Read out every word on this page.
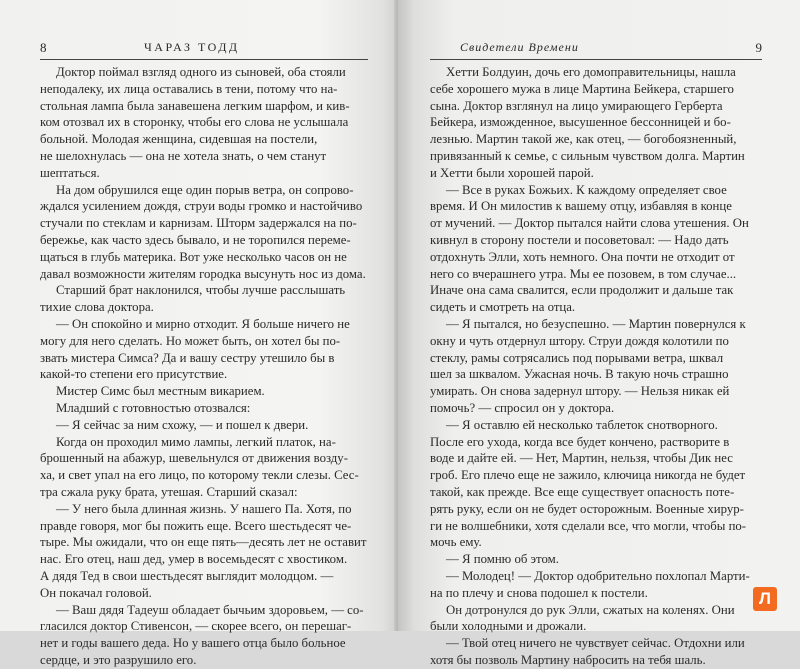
8	ЧАРАЗ ТОДД
Доктор поймал взгляд одного из сыновей, оба стояли
неподалеку, их лица оставались в тени, потому что на-
стольная лампа была занавешена легким шарфом, и кив-
ком отозвал их в сторонку, чтобы его слова не услышала
больной. Молодая женщина, сидевшая на постели,
не шелохнулась — она не хотела знать, о чем станут
шептаться.
На дом обрушился еще один порыв ветра, он сопрово-
ждался усилением дождя, струи воды громко и настойчиво
стучали по стеклам и карнизам. Шторм задержался на по-
бережье, как часто здесь бывало, и не торопился переме-
щаться в глубь материка. Вот уже несколько часов он не
давал возможности жителям городка высунуть нос из дома.
Старший брат наклонился, чтобы лучше расслышать
тихие слова доктора.
— Он спокойно и мирно отходит. Я больше ничего не
могу для него сделать. Но может быть, он хотел бы по-
звать мистера Симса? Да и вашу сестру утешило бы в
какой-то степени его присутствие.
Мистер Симс был местным викарием.
Младший с готовностью отозвался:
— Я сейчас за ним схожу, — и пошел к двери.
Когда он проходил мимо лампы, легкий платок, на-
брошенный на абажур, шевельнулся от движения возду-
ха, и свет упал на его лицо, по которому текли слезы. Сес-
тра сжала руку брата, утешая. Старший сказал:
— У него была длинная жизнь. У нашего Па. Хотя, по
правде говоря, мог бы пожить еще. Всего шестьдесят че-
тыре. Мы ожидали, что он еще пять—десять лет не оставит
нас. Его отец, наш дед, умер в восемьдесят с хвостиком.
А дядя Тед в свои шестьдесят выглядит молодцом. —
Он покачал головой.
— Ваш дядя Тадеуш обладает бычьим здоровьем, — со-
гласился доктор Стивенсон, — скорее всего, он перешаг-
нет и годы вашего деда. Но у вашего отца было больное
сердце, и это разрушило его.
Свидетели Времени	9
Хетти Болдуин, дочь его домоправительницы, нашла
себе хорошего мужа в лице Мартина Бейкера, старшего
сына. Доктор взглянул на лицо умирающего Герберта
Бейкера, изможденное, высушенное бессонницей и бо-
лезнью. Мартин такой же, как отец, — богобоязненный,
привязанный к семье, с сильным чувством долга. Мартин
и Хетти были хорошей парой.
— Все в руках Божьих. К каждому определяет свое
время. И Он милостив к вашему отцу, избавляя в конце
от мучений. — Доктор пытался найти слова утешения. Он
кивнул в сторону постели и посоветовал: — Надо дать
отдохнуть Элли, хоть немного. Она почти не отходит от
него со вчерашнего утра. Мы ее позовем, в том случае...
Иначе она сама свалится, если продолжит и дальше так
сидеть и смотреть на отца.
— Я пытался, но безуспешно. — Мартин повернулся к
окну и чуть отдернул штору. Струи дождя колотили по
стеклу, рамы сотрясались под порывами ветра, шквал
шел за шквалом. Ужасная ночь. В такую ночь страшно
умирать. Он снова задернул штору. — Нельзя никак ей
помочь? — спросил он у доктора.
— Я оставлю ей несколько таблеток снотворного.
После его ухода, когда все будет кончено, растворите в
воде и дайте ей. — Нет, Мартин, нельзя, чтобы Дик нес
гроб. Его плечо еще не зажило, ключица никогда не будет
такой, как прежде. Все еще существует опасность поте-
рять руку, если он не будет осторожным. Военные хирур-
ги не волшебники, хотя сделали все, что могли, чтобы по-
мочь ему.
— Я помню об этом.
— Молодец! — Доктор одобрительно похлопал Марти-
на по плечу и снова подошел к постели.
Он дотронулся до рук Элли, сжатых на коленях. Они
были холодными и дрожали.
— Твой отец ничего не чувствует сейчас. Отдохни или
хотя бы позволь Мартину набросить на тебя шаль.
Л
